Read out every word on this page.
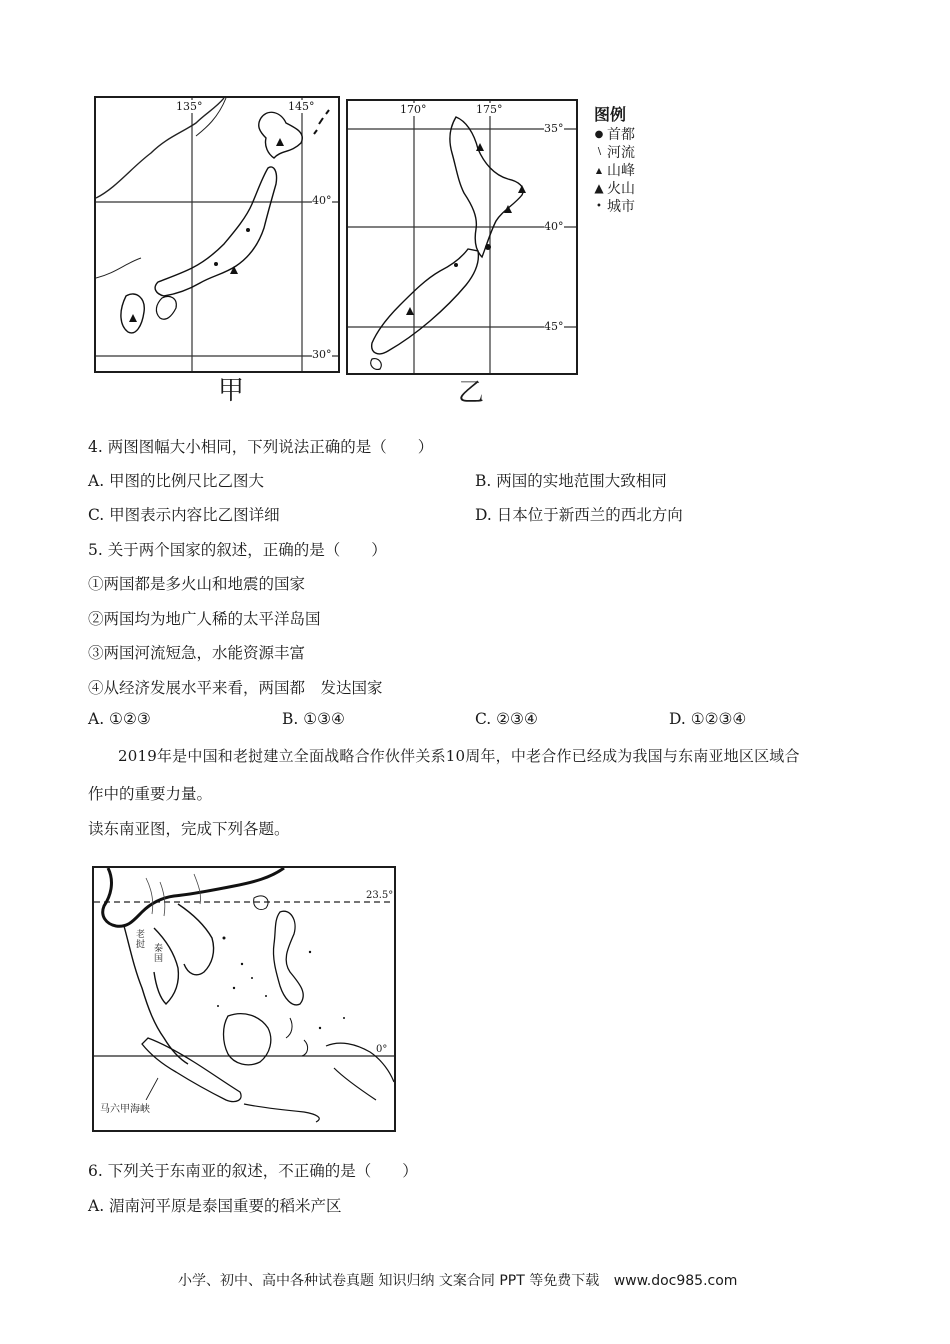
135°	145°
40°
30°
甲
170°	175°
35°
40°
45°
乙
图例
● 首都
∖ 河流
▲ 山峰
▲ 火山
• 城市
4. 两图图幅大小相同，下列说法正确的是（　　）
A. 甲图的比例尺比乙图大	B. 两国的实地范围大致相同
C. 甲图表示内容比乙图详细	D. 日本位于新西兰的西北方向
5. 关于两个国家的叙述，正确的是（　　）
①两国都是多火山和地震的国家
②两国均为地广人稀的太平洋岛国
③两国河流短急，水能资源丰富
④从经济发展水平来看，两国都　发达国家
A. ①②③	B. ①③④	C. ②③④	D. ①②③④
2019年是中国和老挝建立全面战略合作伙伴关系10周年，中老合作已经成为我国与东南亚地区区域合
作中的重要力量。
读东南亚图，完成下列各题。
23.5°
0°
老挝 泰国
马六甲海峡
6. 下列关于东南亚的叙述，不正确的是（　　）
A. 湄南河平原是泰国重要的稻米产区
小学、初中、高中各种试卷真题 知识归纳 文案合同 PPT 等免费下载 www.doc985.com
